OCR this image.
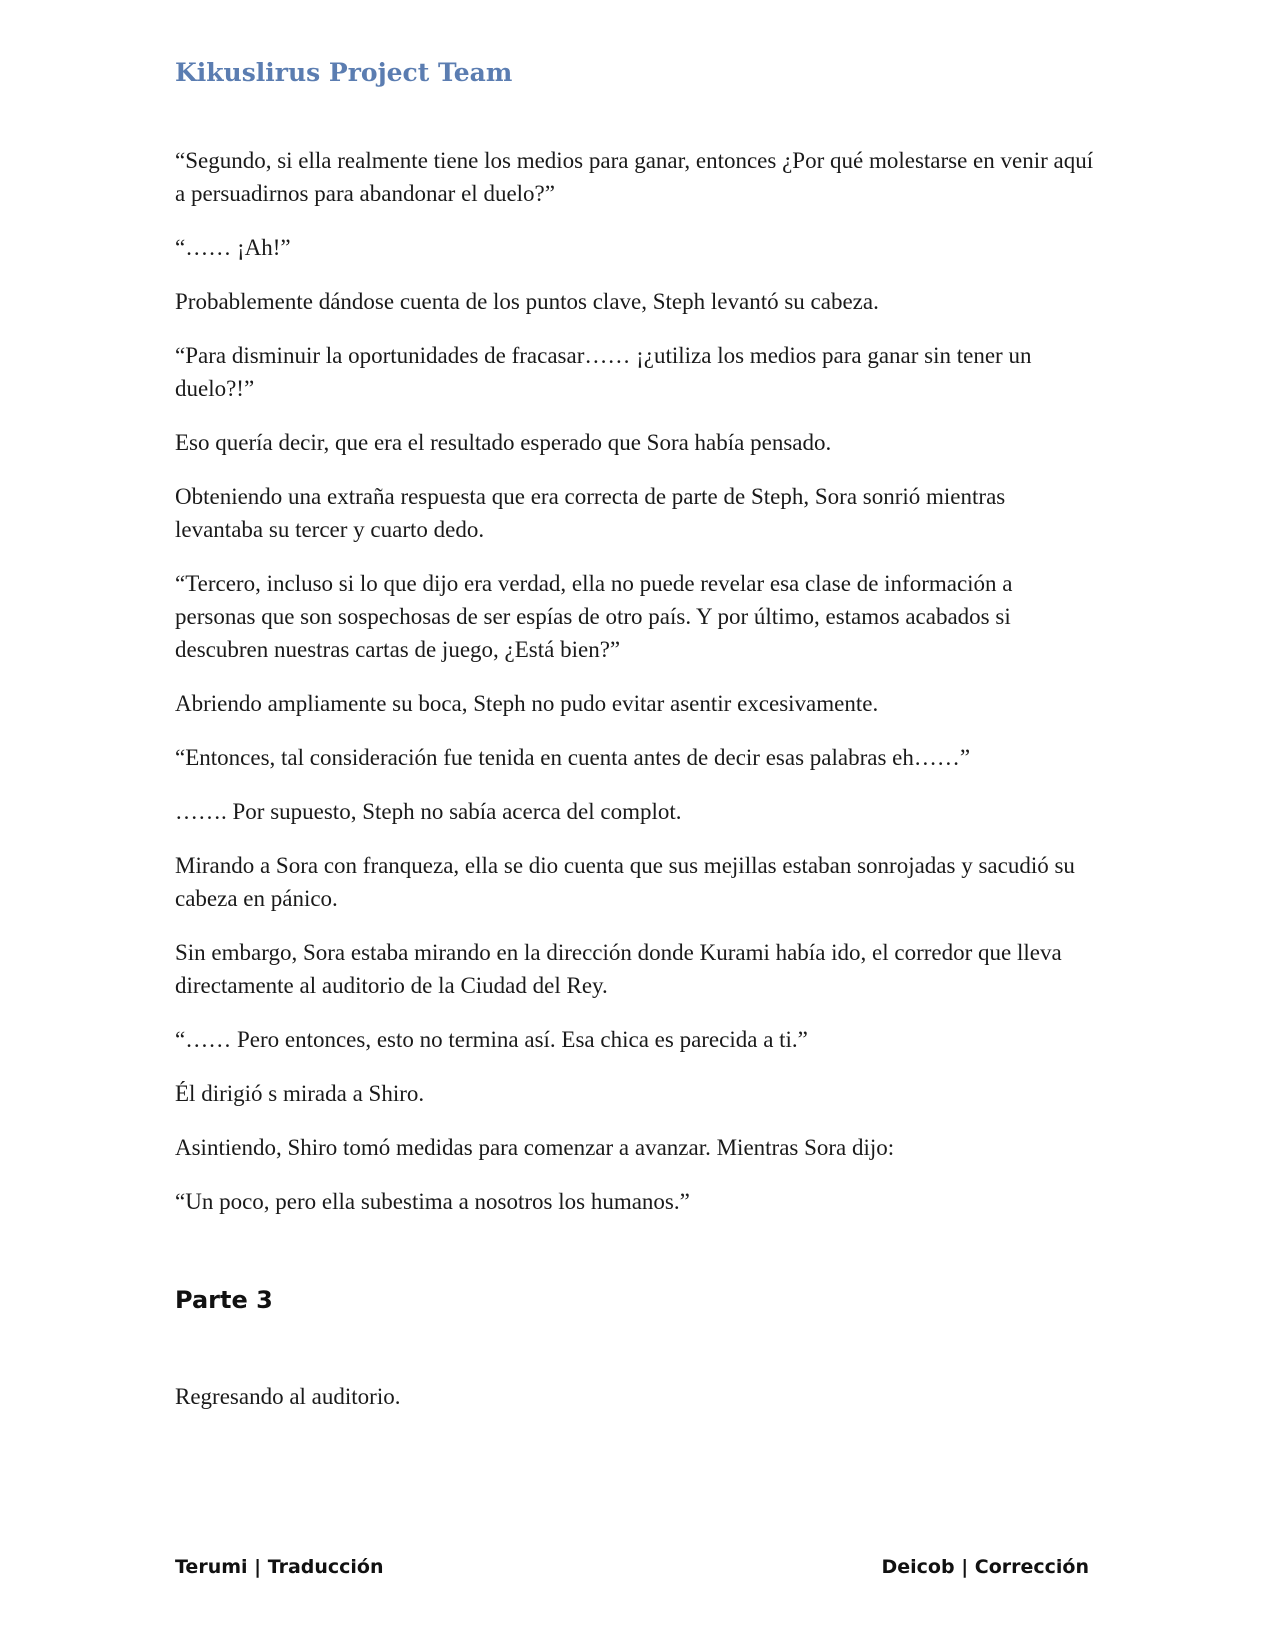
Kikuslirus Project Team

“Segundo, si ella realmente tiene los medios para ganar, entonces ¿Por qué molestarse en venir aquí a persuadirnos para abandonar el duelo?”

“…… ¡Ah!”

Probablemente dándose cuenta de los puntos clave, Steph levantó su cabeza.

“Para disminuir la oportunidades de fracasar…… ¡¿utiliza los medios para ganar sin tener un duelo?!”

Eso quería decir, que era el resultado esperado que Sora había pensado.

Obteniendo una extraña respuesta que era correcta de parte de Steph, Sora sonrió mientras levantaba su tercer y cuarto dedo.

“Tercero, incluso si lo que dijo era verdad, ella no puede revelar esa clase de información a personas que son sospechosas de ser espías de otro país. Y por último, estamos acabados si descubren nuestras cartas de juego, ¿Está bien?”

Abriendo ampliamente su boca, Steph no pudo evitar asentir excesivamente.

“Entonces, tal consideración fue tenida en cuenta antes de decir esas palabras eh……”

……. Por supuesto, Steph no sabía acerca del complot.

Mirando a Sora con franqueza, ella se dio cuenta que sus mejillas estaban sonrojadas y sacudió su cabeza en pánico.

Sin embargo, Sora estaba mirando en la dirección donde Kurami había ido, el corredor que lleva directamente al auditorio de la Ciudad del Rey.

“…… Pero entonces, esto no termina así. Esa chica es parecida a ti.”

Él dirigió s mirada a Shiro.

Asintiendo, Shiro tomó medidas para comenzar a avanzar. Mientras Sora dijo:

“Un poco, pero ella subestima a nosotros los humanos.”

Parte 3
Regresando al auditorio.
Terumi | Traducción	Deicob | Corrección
